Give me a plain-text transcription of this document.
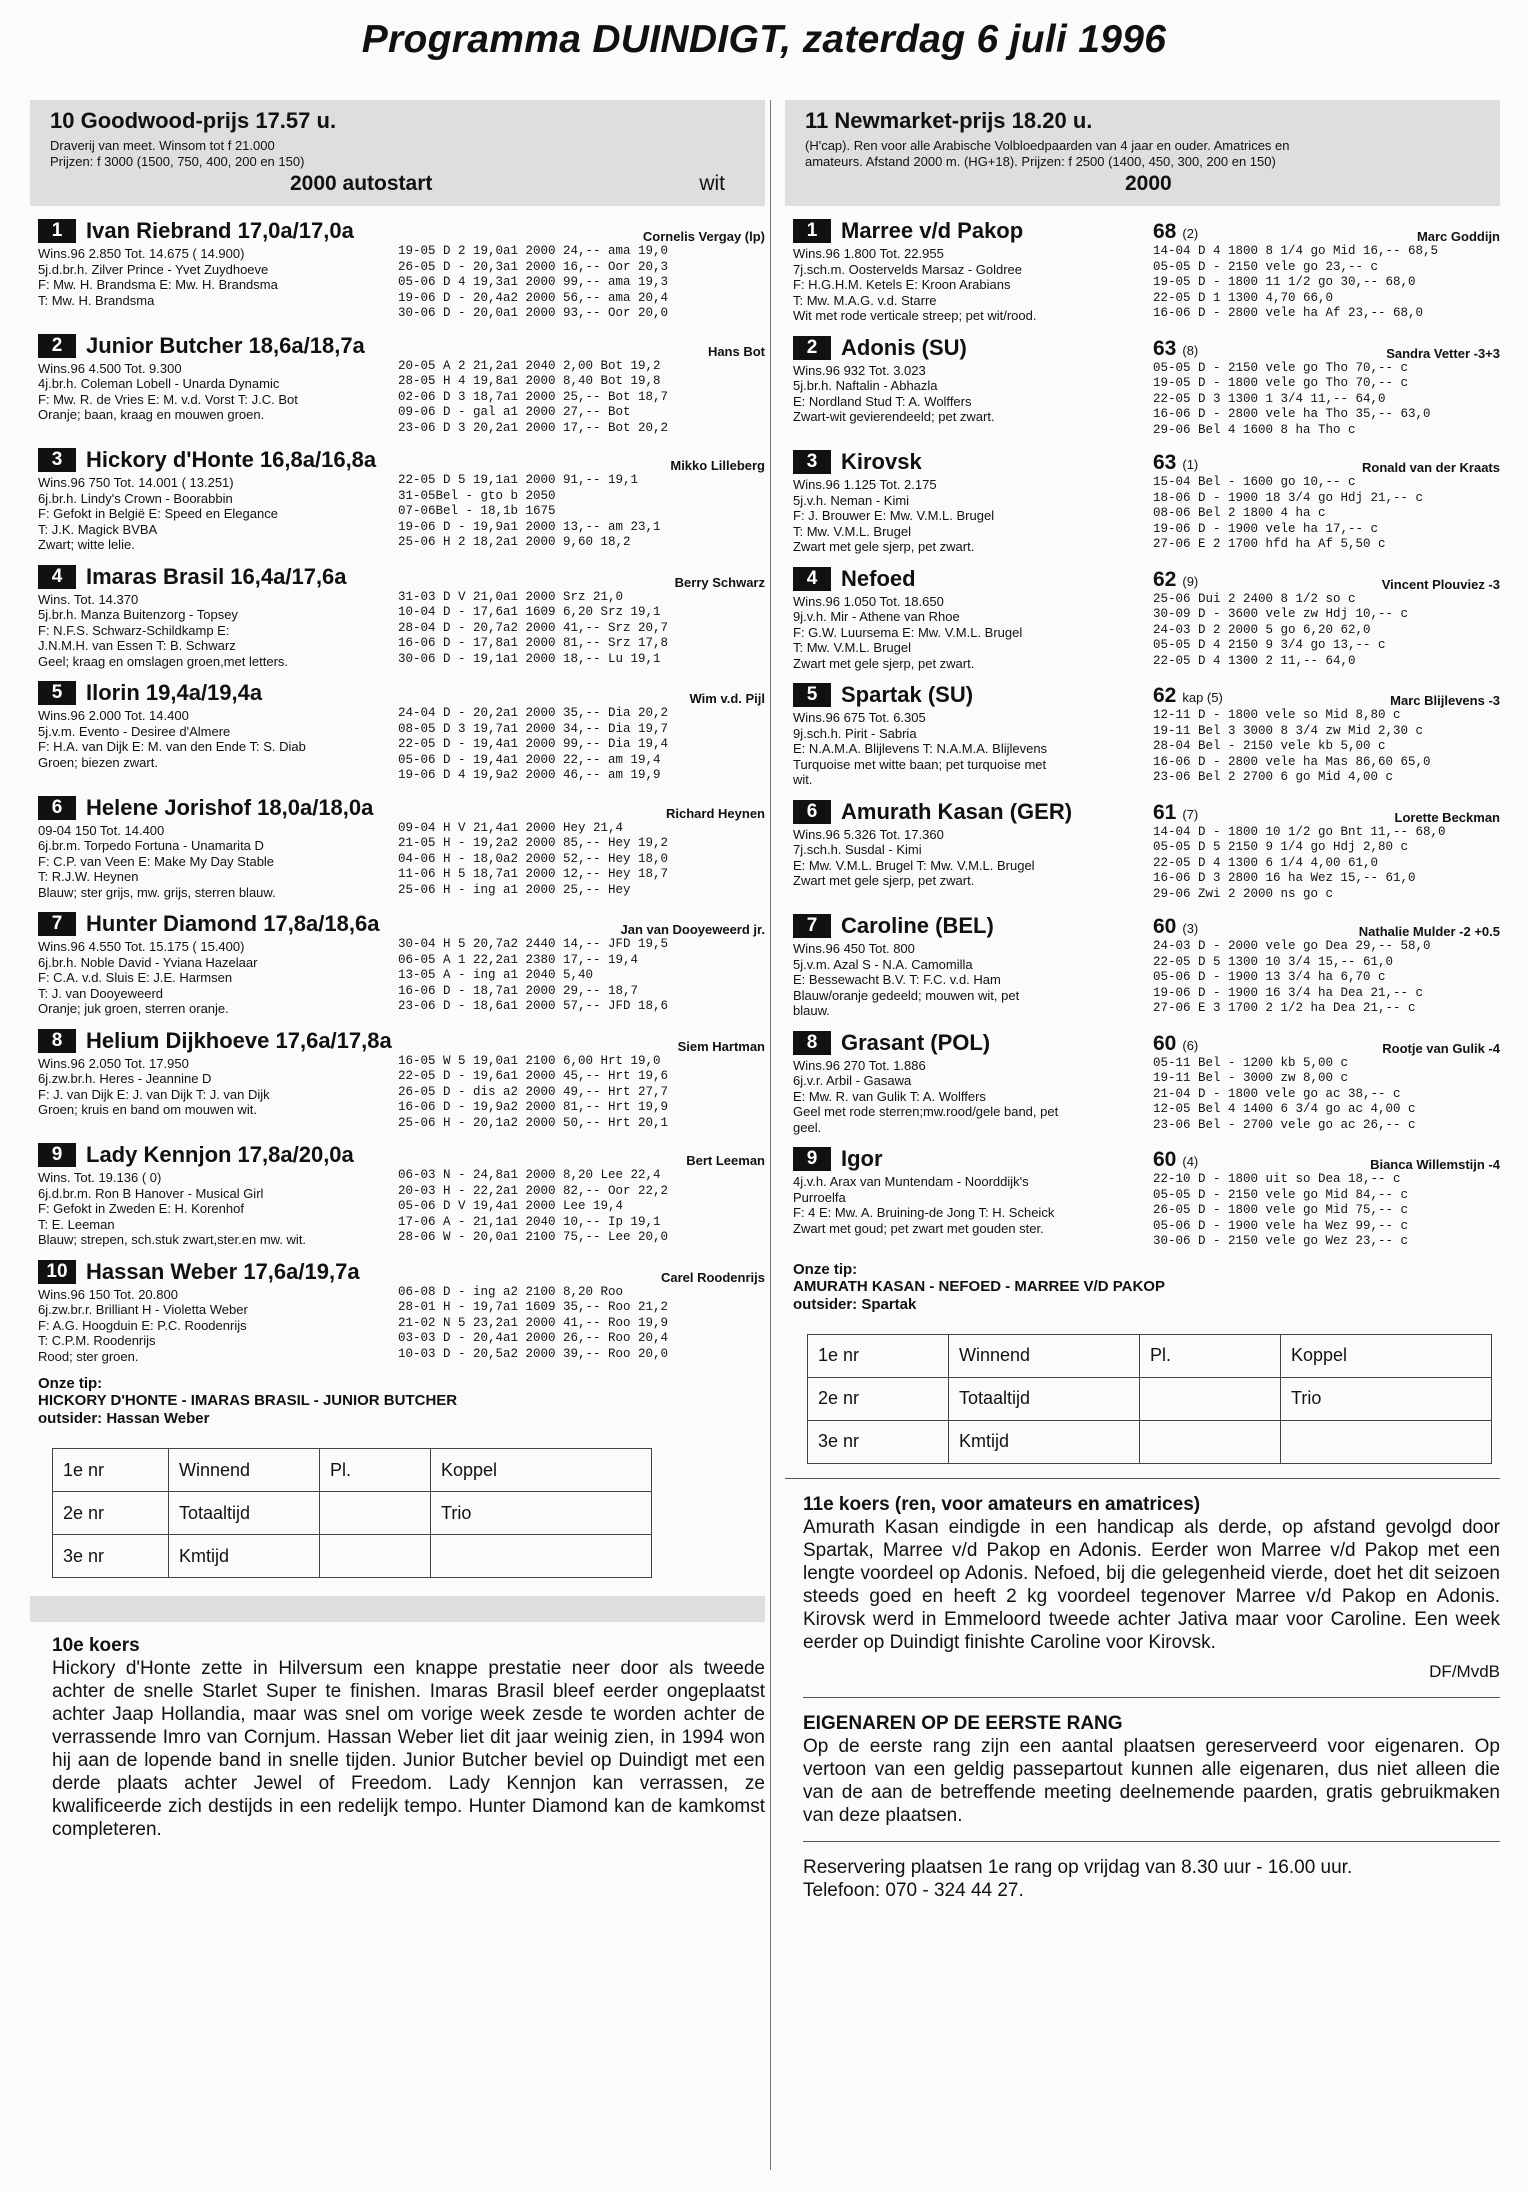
Programma DUINDIGT, zaterdag 6 juli 1996
10 Goodwood-prijs 17.57 u.
Draverij van meet. Winsom tot f 21.000
Prijzen: f 3000 (1500, 750, 400, 200 en 150)
2000 autostart	wit
1	Ivan Riebrand 17,0a/17,0a
Wins.96 2.850 Tot. 14.675 ( 14.900)
5j.d.br.h. Zilver Prince - Yvet Zuydhoeve
F: Mw. H. Brandsma E: Mw. H. Brandsma
T: Mw. H. Brandsma
Cornelis Vergay (lp)
19-05 D 2 19,0a1 2000 24,-- ama 19,0
26-05 D - 20,3a1 2000 16,-- Oor 20,3
05-06 D 4 19,3a1 2000 99,-- ama 19,3
19-06 D - 20,4a2 2000 56,-- ama 20,4
30-06 D - 20,0a1 2000 93,-- Oor 20,0
2	Junior Butcher 18,6a/18,7a
Wins.96 4.500 Tot. 9.300
4j.br.h. Coleman Lobell - Unarda Dynamic
F: Mw. R. de Vries E: M. v.d. Vorst T: J.C. Bot
Oranje; baan, kraag en mouwen groen.
Hans Bot
20-05 A 2 21,2a1 2040 2,00 Bot 19,2
28-05 H 4 19,8a1 2000 8,40 Bot 19,8
02-06 D 3 18,7a1 2000 25,-- Bot 18,7
09-06 D - gal a1 2000 27,-- Bot
23-06 D 3 20,2a1 2000 17,-- Bot 20,2
3	Hickory d'Honte 16,8a/16,8a
Wins.96 750 Tot. 14.001 ( 13.251)
6j.br.h. Lindy's Crown - Boorabbin
F: Gefokt in België E: Speed en Elegance
T: J.K. Magick BVBA
Zwart; witte lelie.
Mikko Lilleberg
22-05 D 5 19,1a1 2000 91,-- 19,1
31-05Bel - gto b 2050
07-06Bel - 18,1b 1675
19-06 D - 19,9a1 2000 13,-- am 23,1
25-06 H 2 18,2a1 2000 9,60 18,2
4	Imaras Brasil 16,4a/17,6a
Wins. Tot. 14.370
5j.br.h. Manza Buitenzorg - Topsey
F: N.F.S. Schwarz-Schildkamp E:
J.N.M.H. van Essen T: B. Schwarz
Geel; kraag en omslagen groen,met letters.
Berry Schwarz
31-03 D V 21,0a1 2000 Srz 21,0
10-04 D - 17,6a1 1609 6,20 Srz 19,1
28-04 D - 20,7a2 2000 41,-- Srz 20,7
16-06 D - 17,8a1 2000 81,-- Srz 17,8
30-06 D - 19,1a1 2000 18,-- Lu 19,1
5	Ilorin 19,4a/19,4a
Wins.96 2.000 Tot. 14.400
5j.v.m. Evento - Desiree d'Almere
F: H.A. van Dijk E: M. van den Ende T: S. Diab
Groen; biezen zwart.
Wim v.d. Pijl
24-04 D - 20,2a1 2000 35,-- Dia 20,2
08-05 D 3 19,7a1 2000 34,-- Dia 19,7
22-05 D - 19,4a1 2000 99,-- Dia 19,4
05-06 D - 19,4a1 2000 22,-- am 19,4
19-06 D 4 19,9a2 2000 46,-- am 19,9
6	Helene Jorishof 18,0a/18,0a
09-04 150 Tot. 14.400
6j.br.m. Torpedo Fortuna - Unamarita D
F: C.P. van Veen E: Make My Day Stable
T: R.J.W. Heynen
Blauw; ster grijs, mw. grijs, sterren blauw.
Richard Heynen
09-04 H V 21,4a1 2000 Hey 21,4
21-05 H - 19,2a2 2000 85,-- Hey 19,2
04-06 H - 18,0a2 2000 52,-- Hey 18,0
11-06 H 5 18,7a1 2000 12,-- Hey 18,7
25-06 H - ing a1 2000 25,-- Hey
7	Hunter Diamond 17,8a/18,6a
Wins.96 4.550 Tot. 15.175 ( 15.400)
6j.br.h. Noble David - Yviana Hazelaar
F: C.A. v.d. Sluis E: J.E. Harmsen
T: J. van Dooyeweerd
Oranje; juk groen, sterren oranje.
Jan van Dooyeweerd jr.
30-04 H 5 20,7a2 2440 14,-- JFD 19,5
06-05 A 1 22,2a1 2380 17,-- 19,4
13-05 A - ing a1 2040 5,40
16-06 D - 18,7a1 2000 29,-- 18,7
23-06 D - 18,6a1 2000 57,-- JFD 18,6
8	Helium Dijkhoeve 17,6a/17,8a
Wins.96 2.050 Tot. 17.950
6j.zw.br.h. Heres - Jeannine D
F: J. van Dijk E: J. van Dijk T: J. van Dijk
Groen; kruis en band om mouwen wit.
Siem Hartman
16-05 W 5 19,0a1 2100 6,00 Hrt 19,0
22-05 D - 19,6a1 2000 45,-- Hrt 19,6
26-05 D - dis a2 2000 49,-- Hrt 27,7
16-06 D - 19,9a2 2000 81,-- Hrt 19,9
25-06 H - 20,1a2 2000 50,-- Hrt 20,1
9	Lady Kennjon 17,8a/20,0a
Wins. Tot. 19.136 ( 0)
6j.d.br.m. Ron B Hanover - Musical Girl
F: Gefokt in Zweden E: H. Korenhof
T: E. Leeman
Blauw; strepen, sch.stuk zwart,ster.en mw. wit.
Bert Leeman
06-03 N - 24,8a1 2000 8,20 Lee 22,4
20-03 H - 22,2a1 2000 82,-- Oor 22,2
05-06 D V 19,4a1 2000 Lee 19,4
17-06 A - 21,1a1 2040 10,-- Ip 19,1
28-06 W - 20,0a1 2100 75,-- Lee 20,0
10 Hassan Weber 17,6a/19,7a
Wins.96 150 Tot. 20.800
6j.zw.br.r. Brilliant H - Violetta Weber
F: A.G. Hoogduin E: P.C. Roodenrijs
T: C.P.M. Roodenrijs
Rood; ster groen.
Carel Roodenrijs
06-08 D - ing a2 2100 8,20 Roo
28-01 H - 19,7a1 1609 35,-- Roo 21,2
21-02 N 5 23,2a1 2000 41,-- Roo 19,9
03-03 D - 20,4a1 2000 26,-- Roo 20,4
10-03 D - 20,5a2 2000 39,-- Roo 20,0
Onze tip:
HICKORY D'HONTE - IMARAS BRASIL - JUNIOR BUTCHER
outsider: Hassan Weber
1e nr	Winnend	Pl.	Koppel
2e nr	Totaaltijd		Trio
3e nr	Kmtijd		
10e koers
Hickory d'Honte zette in Hilversum een knappe prestatie neer door als tweede achter de snelle Starlet Super te finishen. Imaras Brasil bleef eerder ongeplaatst achter Jaap Hollandia, maar was snel om vorige week zesde te worden achter de verrassende Imro van Cornjum. Hassan Weber liet dit jaar weinig zien, in 1994 won hij aan de lopende band in snelle tijden. Junior Butcher beviel op Duindigt met een derde plaats achter Jewel of Freedom. Lady Kennjon kan verrassen, ze kwalificeerde zich destijds in een redelijk tempo. Hunter Diamond kan de kamkomst completeren.
11 Newmarket-prijs 18.20 u.
(H'cap). Ren voor alle Arabische Volbloedpaarden van 4 jaar en ouder. Amatrices en
amateurs. Afstand 2000 m. (HG+18). Prijzen: f 2500 (1400, 450, 300, 200 en 150)
2000
1	Marree v/d Pakop
Wins.96 1.800 Tot. 22.955
7j.sch.m. Oostervelds Marsaz - Goldree
F: H.G.H.M. Ketels E: Kroon Arabians
T: Mw. M.A.G. v.d. Starre
Wit met rode verticale streep; pet wit/rood.
68 (2)	Marc Goddijn
14-04 D 4 1800 8 1/4 go Mid 16,-- 68,5
05-05 D - 2150 vele go 23,-- c
19-05 D - 1800 11 1/2 go 30,-- 68,0
22-05 D 1 1300 4,70 66,0
16-06 D - 2800 vele ha Af 23,-- 68,0
2	Adonis (SU)
Wins.96 932 Tot. 3.023
5j.br.h. Naftalin - Abhazla
E: Nordland Stud T: A. Wolffers
Zwart-wit gevierendeeld; pet zwart.
63 (8)	Sandra Vetter -3+3
05-05 D - 2150 vele go Tho 70,-- c
19-05 D - 1800 vele go Tho 70,-- c
22-05 D 3 1300 1 3/4 11,-- 64,0
16-06 D - 2800 vele ha Tho 35,-- 63,0
29-06 Bel 4 1600 8 ha Tho c
3	Kirovsk
Wins.96 1.125 Tot. 2.175
5j.v.h. Neman - Kimi
F: J. Brouwer E: Mw. V.M.L. Brugel
T: Mw. V.M.L. Brugel
Zwart met gele sjerp, pet zwart.
63 (1)	Ronald van der Kraats
15-04 Bel - 1600 go 10,-- c
18-06 D - 1900 18 3/4 go Hdj 21,-- c
08-06 Bel 2 1800 4 ha c
19-06 D - 1900 vele ha 17,-- c
27-06 E 2 1700 hfd ha Af 5,50 c
4	Nefoed
Wins.96 1.050 Tot. 18.650
9j.v.h. Mir - Athene van Rhoe
F: G.W. Luursema E: Mw. V.M.L. Brugel
T: Mw. V.M.L. Brugel
Zwart met gele sjerp, pet zwart.
62 (9)	Vincent Plouviez -3
25-06 Dui 2 2400 8 1/2 so c
30-09 D - 3600 vele zw Hdj 10,-- c
24-03 D 2 2000 5 go 6,20 62,0
05-05 D 4 2150 9 3/4 go 13,-- c
22-05 D 4 1300 2 11,-- 64,0
5	Spartak (SU)
Wins.96 675 Tot. 6.305
9j.sch.h. Pirit - Sabria
E: N.A.M.A. Blijlevens T: N.A.M.A. Blijlevens
Turquoise met witte baan; pet turquoise met
wit.
62 kap (5)	Marc Blijlevens -3
12-11 D - 1800 vele so Mid 8,80 c
19-11 Bel 3 3000 8 3/4 zw Mid 2,30 c
28-04 Bel - 2150 vele kb 5,00 c
16-06 D - 2800 vele ha Mas 86,60 65,0
23-06 Bel 2 2700 6 go Mid 4,00 c
6	Amurath Kasan (GER)
Wins.96 5.326 Tot. 17.360
7j.sch.h. Susdal - Kimi
E: Mw. V.M.L. Brugel T: Mw. V.M.L. Brugel
Zwart met gele sjerp, pet zwart.
61 (7)	Lorette Beckman
14-04 D - 1800 10 1/2 go Bnt 11,-- 68,0
05-05 D 5 2150 9 1/4 go Hdj 2,80 c
22-05 D 4 1300 6 1/4 4,00 61,0
16-06 D 3 2800 16 ha Wez 15,-- 61,0
29-06 Zwi 2 2000 ns go c
7	Caroline (BEL)
Wins.96 450 Tot. 800
5j.v.m. Azal S - N.A. Camomilla
E: Bessewacht B.V. T: F.C. v.d. Ham
Blauw/oranje gedeeld; mouwen wit, pet
blauw.
60 (3)	Nathalie Mulder -2 +0.5
24-03 D - 2000 vele go Dea 29,-- 58,0
22-05 D 5 1300 10 3/4 15,-- 61,0
05-06 D - 1900 13 3/4 ha 6,70 c
19-06 D - 1900 16 3/4 ha Dea 21,-- c
27-06 E 3 1700 2 1/2 ha Dea 21,-- c
8	Grasant (POL)
Wins.96 270 Tot. 1.886
6j.v.r. Arbil - Gasawa
E: Mw. R. van Gulik T: A. Wolffers
Geel met rode sterren;mw.rood/gele band, pet
geel.
60 (6)	Rootje van Gulik -4
05-11 Bel - 1200 kb 5,00 c
19-11 Bel - 3000 zw 8,00 c
21-04 D - 1800 vele go ac 38,-- c
12-05 Bel 4 1400 6 3/4 go ac 4,00 c
23-06 Bel - 2700 vele go ac 26,-- c
9	Igor
4j.v.h. Arax van Muntendam - Noorddijk's
Purroelfa
F: 4 E: Mw. A. Bruining-de Jong T: H. Scheick
Zwart met goud; pet zwart met gouden ster.
60 (4)	Bianca Willemstijn -4
22-10 D - 1800 uit so Dea 18,-- c
05-05 D - 2150 vele go Mid 84,-- c
26-05 D - 1800 vele go Mid 75,-- c
05-06 D - 1900 vele ha Wez 99,-- c
30-06 D - 2150 vele go Wez 23,-- c
Onze tip:
AMURATH KASAN - NEFOED - MARREE V/D PAKOP
outsider: Spartak
1e nr	Winnend	Pl.	Koppel
2e nr	Totaaltijd		Trio
3e nr	Kmtijd		
11e koers (ren, voor amateurs en amatrices)
Amurath Kasan eindigde in een handicap als derde, op afstand gevolgd door Spartak, Marree v/d Pakop en Adonis. Eerder won Marree v/d Pakop met een lengte voordeel op Adonis. Nefoed, bij die gelegenheid vierde, doet het dit seizoen steeds goed en heeft 2 kg voordeel tegenover Marree v/d Pakop en Adonis. Kirovsk werd in Emmeloord tweede achter Jativa maar voor Caroline. Een week eerder op Duindigt finishte Caroline voor Kirovsk.
DF/MvdB
EIGENAREN OP DE EERSTE RANG
Op de eerste rang zijn een aantal plaatsen gereserveerd voor eigenaren. Op vertoon van een geldig passepartout kunnen alle eigenaren, dus niet alleen die van de aan de betreffende meeting deelnemende paarden, gratis gebruikmaken van deze plaatsen.
Reservering plaatsen 1e rang op vrijdag van 8.30 uur - 16.00 uur.
Telefoon: 070 - 324 44 27.
